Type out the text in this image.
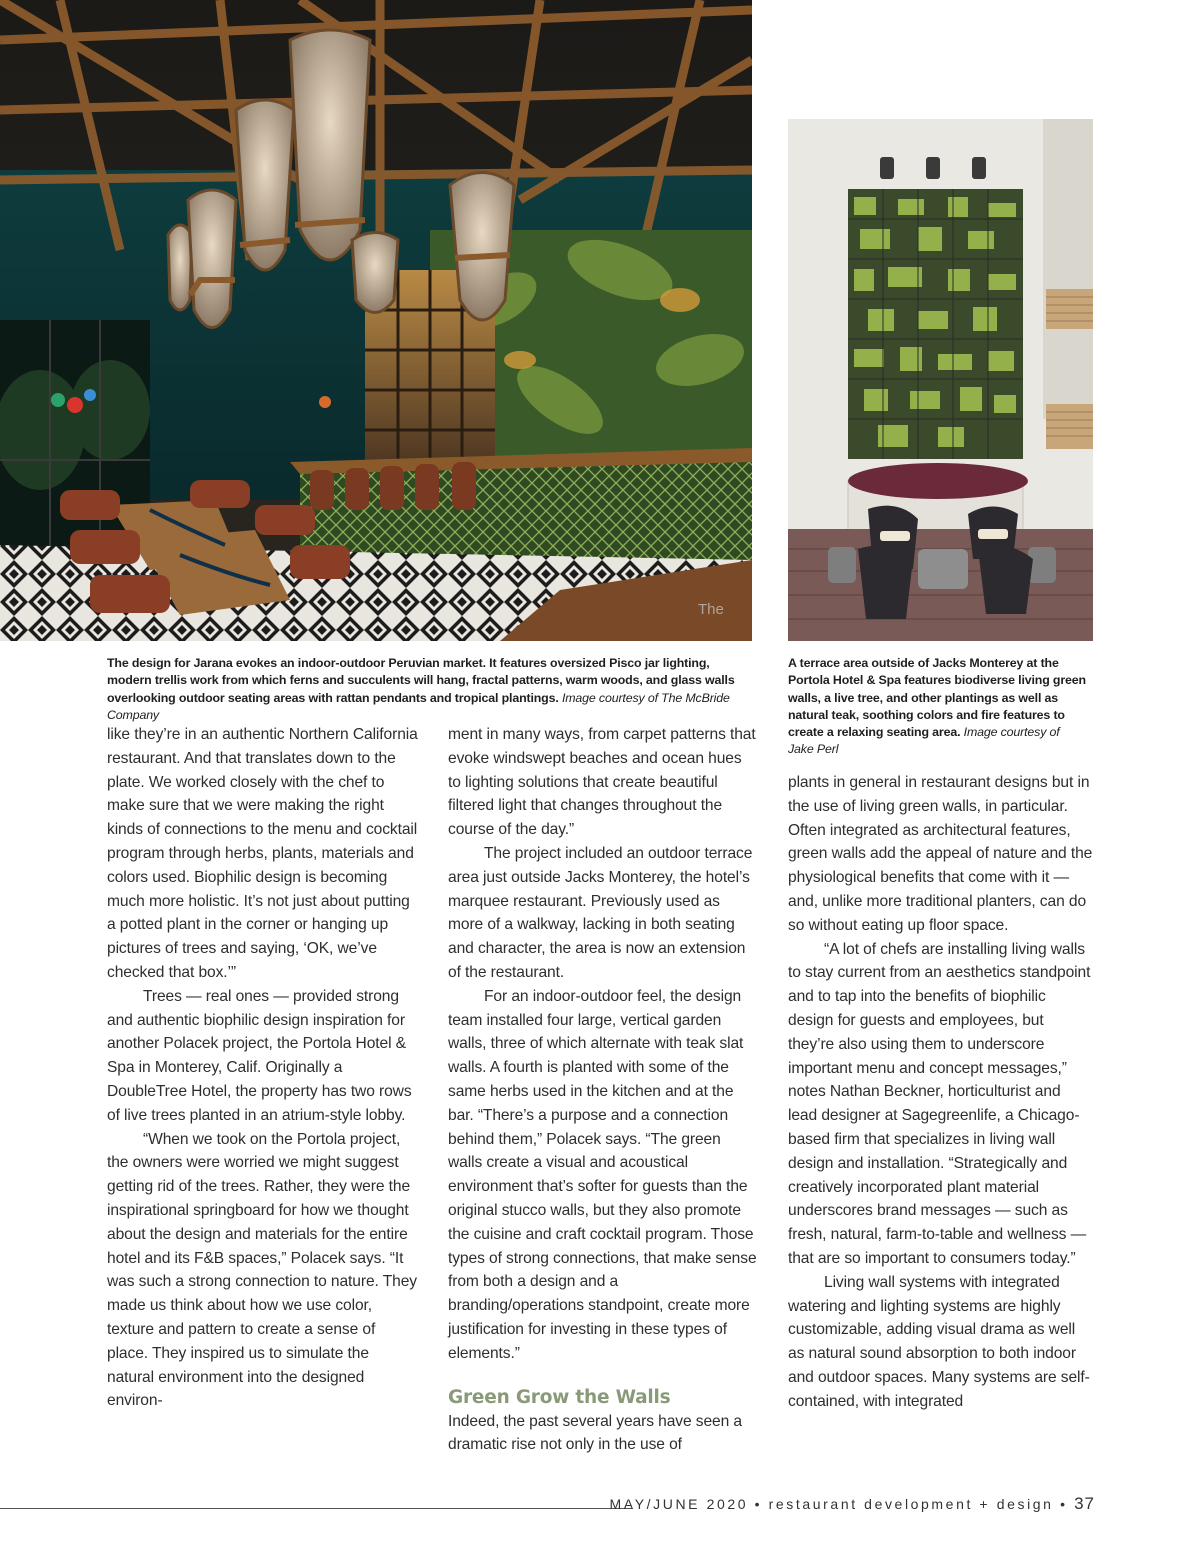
The
The design for Jarana evokes an indoor-outdoor Peruvian market. It features oversized Pisco jar lighting, modern trellis work from which ferns and succulents will hang, fractal patterns, warm woods, and glass walls overlooking outdoor seating areas with rattan pendants and tropical plantings. Image courtesy of The McBride Company
A terrace area outside of Jacks Monterey at the Portola Hotel & Spa features biodiverse living green walls, a live tree, and other plantings as well as natural teak, soothing colors and fire features to create a relaxing seating area. Image courtesy of Jake Perl

like they’re in an authentic Northern California restaurant. And that translates down to the plate. We worked closely with the chef to make sure that we were making the right kinds of connections to the menu and cocktail program through herbs, plants, materials and colors used. Biophilic design is becoming much more holistic. It’s not just about putting a potted plant in the corner or hanging up pictures of trees and saying, ‘OK, we’ve checked that box.’”

Trees — real ones — provided strong and authentic biophilic design inspiration for another Polacek project, the Portola Hotel & Spa in Monterey, Calif. Originally a DoubleTree Hotel, the property has two rows of live trees planted in an atrium-style lobby.

“When we took on the Portola project, the owners were worried we might suggest getting rid of the trees. Rather, they were the inspirational springboard for how we thought about the design and materials for the entire hotel and its F&B spaces,” Polacek says. “It was such a strong connection to nature. They made us think about how we use color, texture and pattern to create a sense of place. They inspired us to simulate the natural environment into the designed environ-

ment in many ways, from carpet patterns that evoke windswept beaches and ocean hues to lighting solutions that create beautiful filtered light that changes throughout the course of the day.”

The project included an outdoor terrace area just outside Jacks Monterey, the hotel’s marquee restaurant. Previously used as more of a walkway, lacking in both seating and character, the area is now an extension of the restaurant.

For an indoor-outdoor feel, the design team installed four large, vertical garden walls, three of which alternate with teak slat walls. A fourth is planted with some of the same herbs used in the kitchen and at the bar. “There’s a purpose and a connection behind them,” Polacek says. “The green walls create a visual and acoustical environment that’s softer for guests than the original stucco walls, but they also promote the cuisine and craft cocktail program. Those types of strong connections, that make sense from both a design and a branding/operations standpoint, create more justification for investing in these types of elements.”

Green Grow the Walls

Indeed, the past several years have seen a dramatic rise not only in the use of

plants in general in restaurant designs but in the use of living green walls, in particular. Often integrated as architectural features, green walls add the appeal of nature and the physiological benefits that come with it — and, unlike more traditional planters, can do so without eating up floor space.

“A lot of chefs are installing living walls to stay current from an aesthetics standpoint and to tap into the benefits of biophilic design for guests and employees, but they’re also using them to underscore important menu and concept messages,” notes Nathan Beckner, horticulturist and lead designer at Sagegreenlife, a Chicago-based firm that specializes in living wall design and installation. “Strategically and creatively incorporated plant material underscores brand messages — such as fresh, natural, farm-to-table and wellness — that are so important to consumers today.”

Living wall systems with integrated watering and lighting systems are highly customizable, adding visual drama as well as natural sound absorption to both indoor and outdoor spaces. Many systems are self-contained, with integrated

MAY/JUNE 2020 • restaurant development + design • 37
